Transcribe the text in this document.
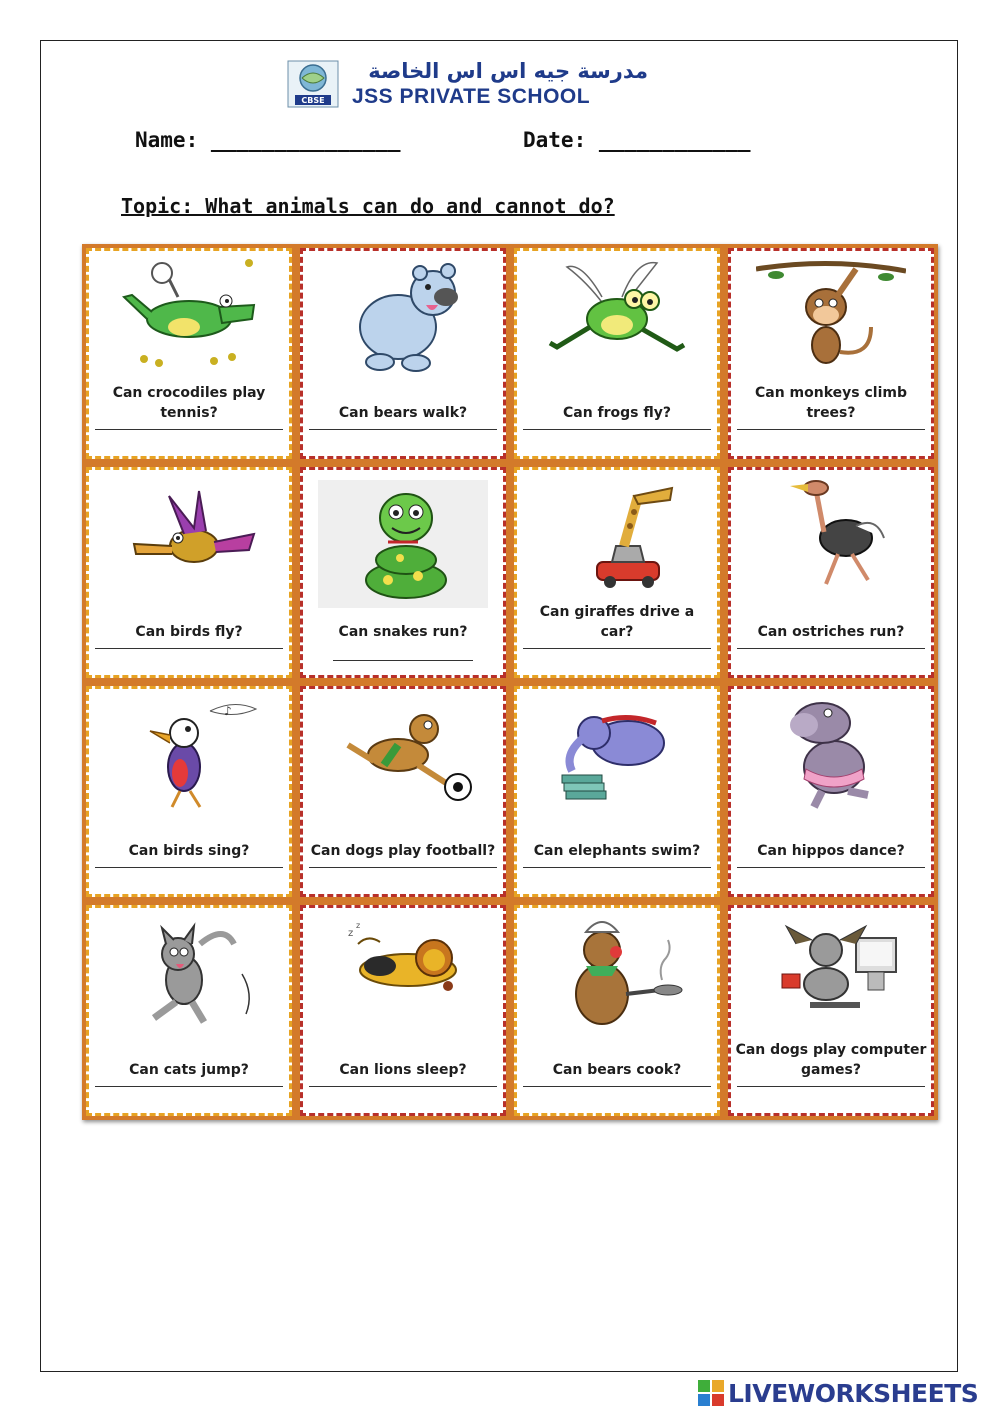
CBSE
مدرسة جيه اس اس الخاصة
JSS PRIVATE SCHOOL
Name: _______________	Date: ____________
Topic: What animals can do and cannot do?
Can crocodiles play tennis?	Can bears walk?	Can frogs fly?
Can monkeys climb trees?
Can birds fly?	Can snakes run?
Can giraffes drive a car?	Can ostriches run?
♪
Can birds sing?	Can dogs play football?	Can elephants swim?	Can hippos dance?
Can cats jump?
z
z
Can lions sleep?	Can bears cook?
Can dogs play computer games?
LIVEWORKSHEETS
